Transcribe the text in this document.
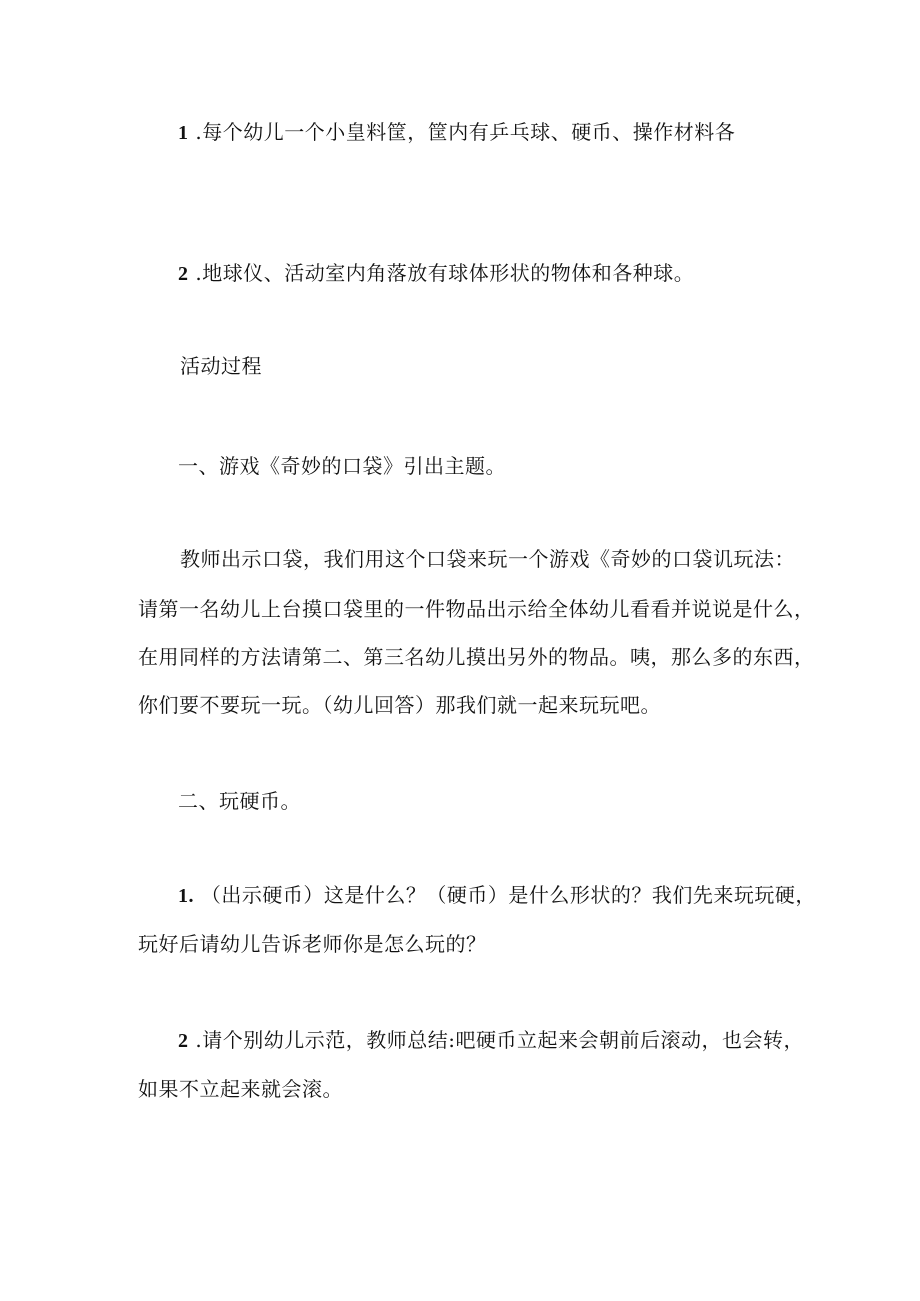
1 .每个幼儿一个小皇料筐，筐内有乒乓球、硬币、操作材料各
2 .地球仪、活动室内角落放有球体形状的物体和各种球。
活动过程
一、游戏《奇妙的口袋》引出主题。
教师出示口袋，我们用这个口袋来玩一个游戏《奇妙的口袋讥玩法：
请第一名幼儿上台摸口袋里的一件物品出示给全体幼儿看看并说说是什么，
在用同样的方法请第二、第三名幼儿摸出另外的物品。咦，那么多的东西，
你们要不要玩一玩。（幼儿回答）那我们就一起来玩玩吧。
二、玩硬币。
1. （出示硬币）这是什么？（硬币）是什么形状的？我们先来玩玩硬，
玩好后请幼儿告诉老师你是怎么玩的？
2 .请个别幼儿示范，教师总结:吧硬币立起来会朝前后滚动，也会转，
如果不立起来就会滚。
